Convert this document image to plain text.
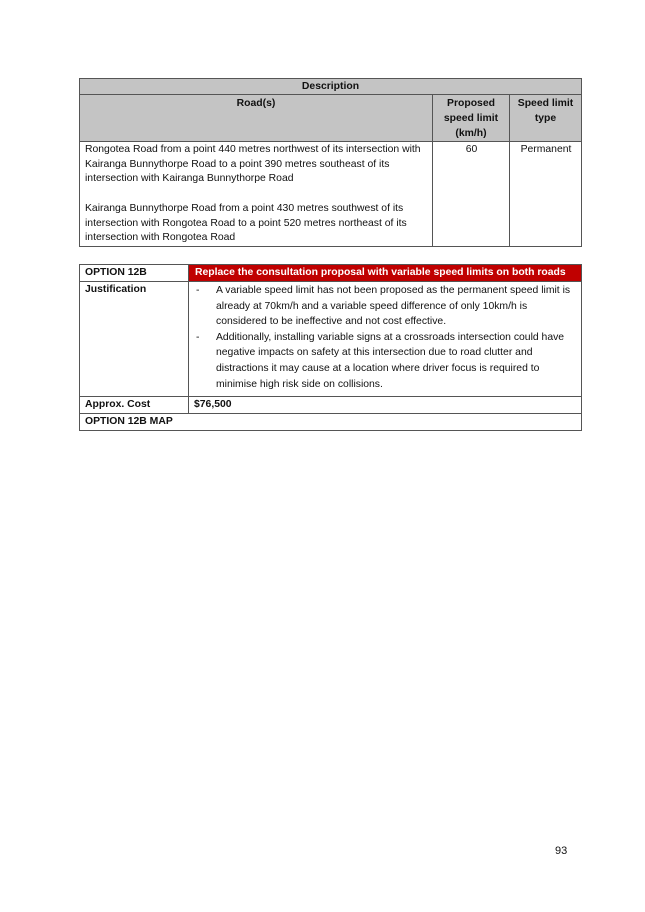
Description		
Road(s)	Proposed speed limit (km/h)	Speed limit type

Rongotea Road from a point 440 metres northwest of its intersection with Kairanga Bunnythorpe Road to a point 390 metres southeast of its intersection with Kairanga Bunnythorpe Road
Kairanga Bunnythorpe Road from a point 430 metres southwest of its intersection with Rongotea Road to a point 520 metres northeast of its intersection with Rongotea Road	60	Permanent
OPTION 12B	Replace the consultation proposal with variable speed limits on both roads
Justification	- A variable speed limit has not been proposed as the permanent speed limit is already at 70km/h and a variable speed difference of only 10km/h is considered to be ineffective and not cost effective.
- Additionally, installing variable signs at a crossroads intersection could have negative impacts on safety at this intersection due to road clutter and distractions it may cause at a location where driver focus is required to minimise high risk side on collisions.

Approx. Cost	$76,500
OPTION 12B MAP	
93
